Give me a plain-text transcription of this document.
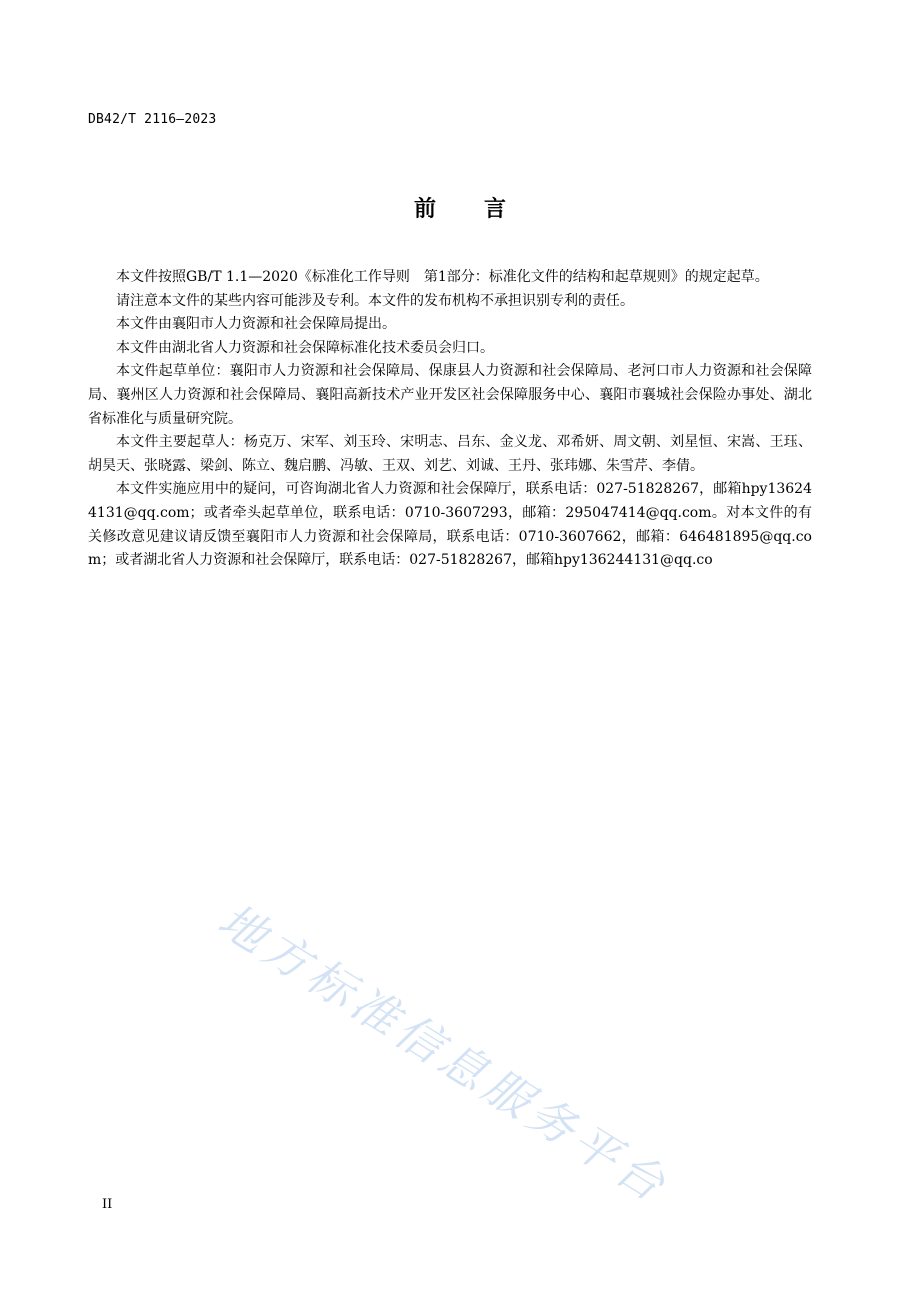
DB42/T 2116—2023
前 言

本文件按照GB/T 1.1—2020《标准化工作导则　第1部分：标准化文件的结构和起草规则》的规定起草。

请注意本文件的某些内容可能涉及专利。本文件的发布机构不承担识别专利的责任。

本文件由襄阳市人力资源和社会保障局提出。

本文件由湖北省人力资源和社会保障标准化技术委员会归口。

本文件起草单位：襄阳市人力资源和社会保障局、保康县人力资源和社会保障局、老河口市人力资源和社会保障局、襄州区人力资源和社会保障局、襄阳高新技术产业开发区社会保障服务中心、襄阳市襄城社会保险办事处、湖北省标准化与质量研究院。

本文件主要起草人：杨克万、宋军、刘玉玲、宋明志、吕东、金义龙、邓希妍、周文朝、刘星恒、宋嵩、王珏、胡昊天、张晓露、梁剑、陈立、魏启鹏、冯敏、王双、刘艺、刘诚、王丹、张玮娜、朱雪芹、李倩。

本文件实施应用中的疑问，可咨询湖北省人力资源和社会保障厅，联系电话：027-51828267，邮箱hpy136244131@qq.com；或者牵头起草单位，联系电话：0710-3607293，邮箱：295047414@qq.com。对本文件的有关修改意见建议请反馈至襄阳市人力资源和社会保障局，联系电话：0710-3607662，邮箱：646481895@qq.com；或者湖北省人力资源和社会保障厅，联系电话：027-51828267，邮箱hpy136244131@qq.co

地方标准信息服务平台
II
